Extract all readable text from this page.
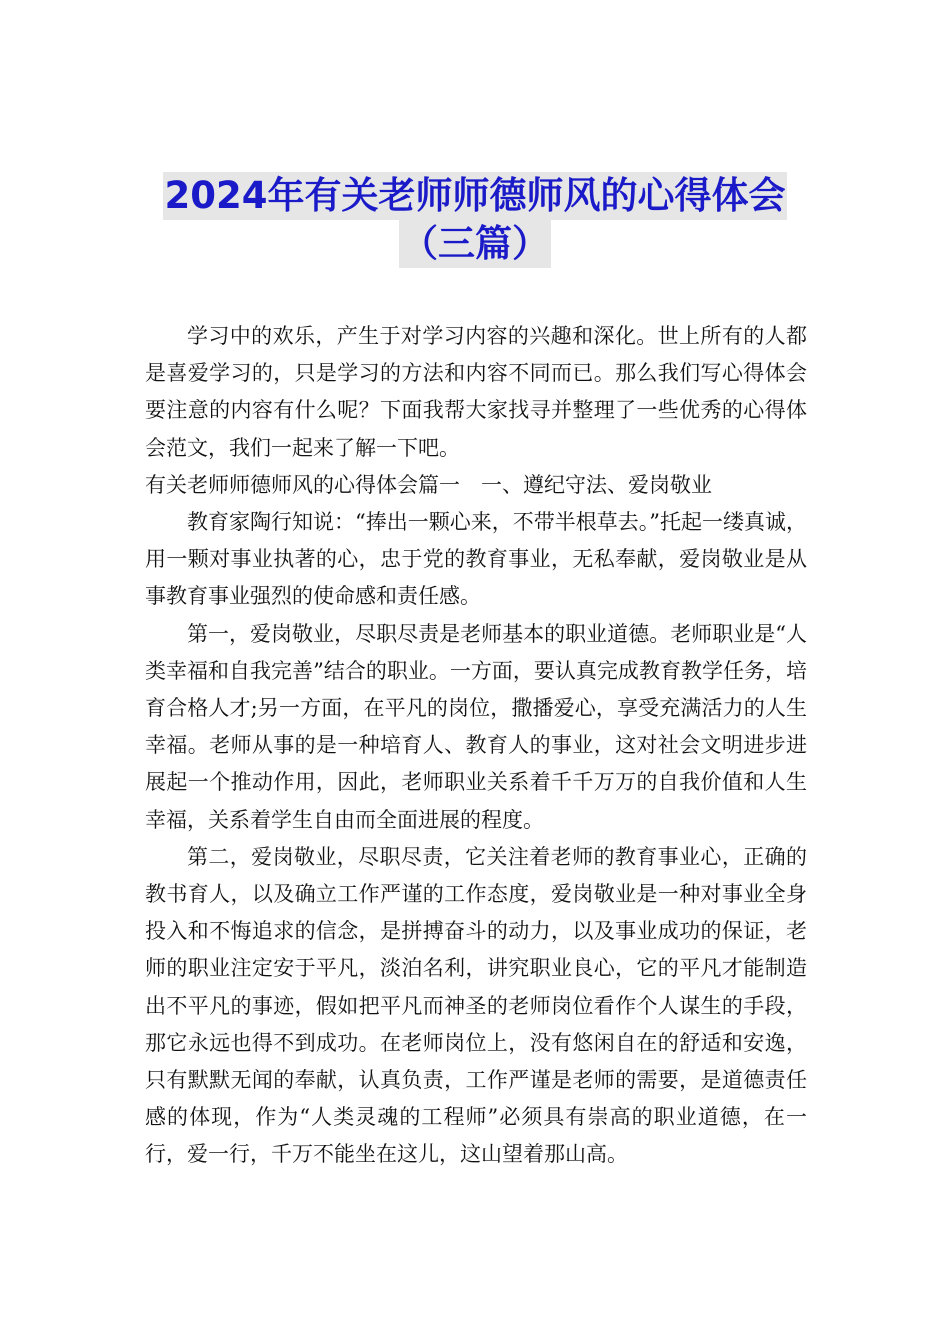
2024年有关老师师德师风的心得体会
（三篇）

学习中的欢乐，产生于对学习内容的兴趣和深化。世上所有的人都是喜爱学习的，只是学习的方法和内容不同而已。那么我们写心得体会要注意的内容有什么呢？下面我帮大家找寻并整理了一些优秀的心得体会范文，我们一起来了解一下吧。

有关老师师德师风的心得体会篇一　一、遵纪守法、爱岗敬业

教育家陶行知说：“捧出一颗心来，不带半根草去。”托起一缕真诚，用一颗对事业执著的心，忠于党的教育事业，无私奉献，爱岗敬业是从事教育事业强烈的使命感和责任感。

第一，爱岗敬业，尽职尽责是老师基本的职业道德。老师职业是“人类幸福和自我完善”结合的职业。一方面，要认真完成教育教学任务，培育合格人才;另一方面，在平凡的岗位，撒播爱心，享受充满活力的人生幸福。老师从事的是一种培育人、教育人的事业，这对社会文明进步进展起一个推动作用，因此，老师职业关系着千千万万的自我价值和人生幸福，关系着学生自由而全面进展的程度。

第二，爱岗敬业，尽职尽责，它关注着老师的教育事业心，正确的教书育人，以及确立工作严谨的工作态度，爱岗敬业是一种对事业全身投入和不悔追求的信念，是拼搏奋斗的动力，以及事业成功的保证，老师的职业注定安于平凡，淡泊名利，讲究职业良心，它的平凡才能制造出不平凡的事迹，假如把平凡而神圣的老师岗位看作个人谋生的手段，那它永远也得不到成功。在老师岗位上，没有悠闲自在的舒适和安逸，只有默默无闻的奉献，认真负责，工作严谨是老师的需要，是道德责任感的体现，作为“人类灵魂的工程师”必须具有崇高的职业道德，在一行，爱一行，千万不能坐在这儿，这山望着那山高。
